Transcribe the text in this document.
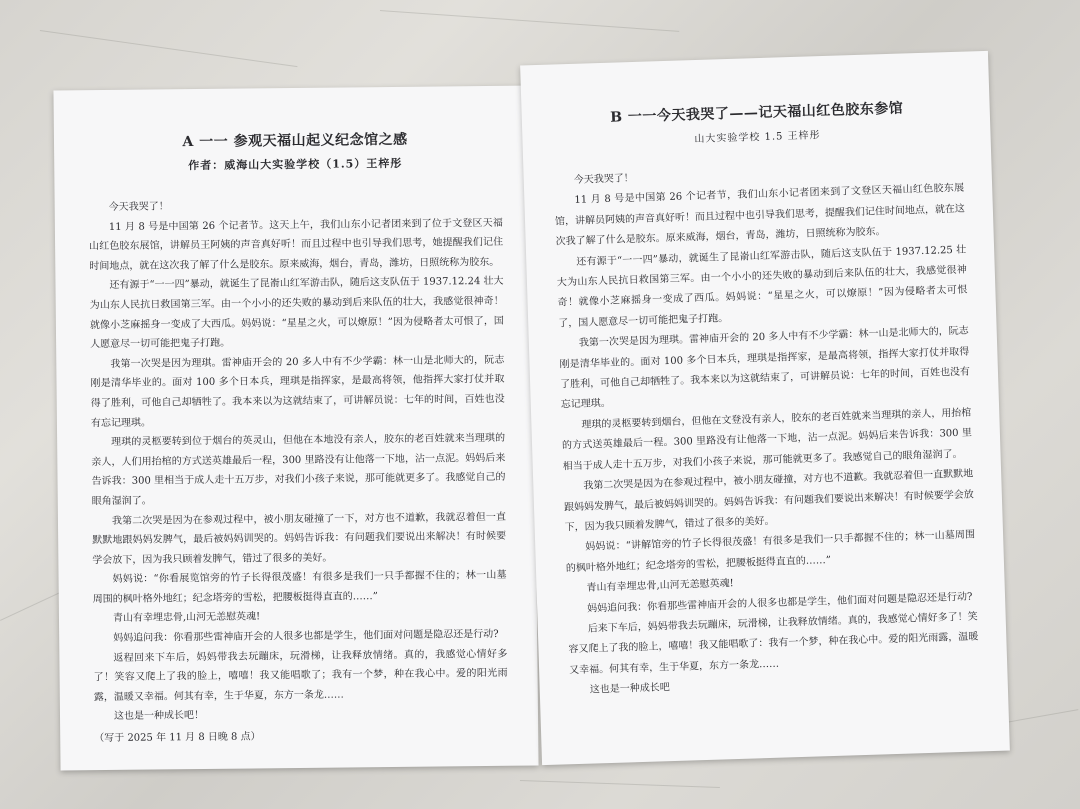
A 一一 参观天福山起义纪念馆之感
作者：威海山大实验学校（1.5）王梓彤

今天我哭了！

11 月 8 号是中国第 26 个记者节。这天上午，我们山东小记者团来到了位于文登区天福山红色胶东展馆，讲解员王阿姨的声音真好听！而且过程中也引导我们思考，她提醒我们记住时间地点，就在这次我了解了什么是胶东。原来威海，烟台，青岛，潍坊，日照统称为胶东。

还有源于“一一四”暴动，就诞生了昆嵛山红军游击队，随后这支队伍于 1937.12.24 壮大为山东人民抗日救国第三军。由一个小小的还失败的暴动到后来队伍的壮大，我感觉很神奇！就像小芝麻摇身一变成了大西瓜。妈妈说：“星星之火，可以燎原！”因为侵略者太可恨了，国人愿意尽一切可能把鬼子打跑。

我第一次哭是因为理琪。雷神庙开会的 20 多人中有不少学霸：林一山是北师大的，阮志刚是清华毕业的。面对 100 多个日本兵，理琪是指挥家，是最高将领，他指挥大家打仗并取得了胜利，可他自己却牺牲了。我本来以为这就结束了，可讲解员说：七年的时间，百姓也没有忘记理琪。

理琪的灵柩要转到位于烟台的英灵山，但他在本地没有亲人，胶东的老百姓就来当理琪的亲人，人们用抬棺的方式送英雄最后一程，300 里路没有让他落一下地，沾一点泥。妈妈后来告诉我：300 里相当于成人走十五万步，对我们小孩子来说，那可能就更多了。我感觉自己的眼角湿润了。

我第二次哭是因为在参观过程中，被小朋友碰撞了一下，对方也不道歉，我就忍着但一直默默地跟妈妈发脾气，最后被妈妈训哭的。妈妈告诉我：有问题我们要说出来解决！有时候要学会放下，因为我只顾着发脾气，错过了很多的美好。

妈妈说：“你看展览馆旁的竹子长得很茂盛！有很多是我们一只手都握不住的；林一山墓周围的枫叶格外地红；纪念塔旁的雪松，把腰板挺得直直的……”

青山有幸埋忠骨,山河无恙慰英魂!

妈妈追问我：你看那些雷神庙开会的人很多也都是学生，他们面对问题是隐忍还是行动?

返程回来下车后，妈妈带我去玩蹦床，玩滑梯，让我释放情绪。真的，我感觉心情好多了！笑容又爬上了我的脸上，嘻嘻！我又能唱歌了；我有一个梦，种在我心中。爱的阳光雨露，温暖又幸福。何其有幸，生于华夏，东方一条龙……

这也是一种成长吧！

（写于 2025 年 11 月 8 日晚 8 点）
B 一一今天我哭了——记天福山红色胶东参馆
山大实验学校 1.5 王梓彤

今天我哭了！

11 月 8 号是中国第 26 个记者节，我们山东小记者团来到了文登区天福山红色胶东展馆，讲解员阿姨的声音真好听！而且过程中也引导我们思考，提醒我们记住时间地点，就在这次我了解了什么是胶东。原来威海，烟台，青岛，潍坊，日照统称为胶东。

还有源于“一一四”暴动，就诞生了昆嵛山红军游击队，随后这支队伍于 1937.12.25 壮大为山东人民抗日救国第三军。由一个小小的还失败的暴动到后来队伍的壮大，我感觉很神奇！就像小芝麻摇身一变成了西瓜。妈妈说：“星星之火，可以燎原！”因为侵略者太可恨了，国人愿意尽一切可能把鬼子打跑。

我第一次哭是因为理琪。雷神庙开会的 20 多人中有不少学霸：林一山是北师大的，阮志刚是清华毕业的。面对 100 多个日本兵，理琪是指挥家，是最高将领，指挥大家打仗并取得了胜利，可他自己却牺牲了。我本来以为这就结束了，可讲解员说：七年的时间，百姓也没有忘记理琪。

理琪的灵柩要转到烟台，但他在文登没有亲人，胶东的老百姓就来当理琪的亲人，用抬棺的方式送英雄最后一程。300 里路没有让他落一下地，沾一点泥。妈妈后来告诉我：300 里相当于成人走十五万步，对我们小孩子来说，那可能就更多了。我感觉自己的眼角湿润了。

我第二次哭是因为在参观过程中，被小朋友碰撞，对方也不道歉。我就忍着但一直默默地跟妈妈发脾气，最后被妈妈训哭的。妈妈告诉我：有问题我们要说出来解决！有时候要学会放下，因为我只顾着发脾气，错过了很多的美好。

妈妈说：“讲解馆旁的竹子长得很茂盛！有很多是我们一只手都握不住的；林一山墓周围的枫叶格外地红；纪念塔旁的雪松，把腰板挺得直直的……”

青山有幸埋忠骨,山河无恙慰英魂!

妈妈追问我：你看那些雷神庙开会的人很多也都是学生，他们面对问题是隐忍还是行动?

后来下车后，妈妈带我去玩蹦床，玩滑梯，让我释放情绪。真的，我感觉心情好多了！笑容又爬上了我的脸上，嘻嘻！我又能唱歌了：我有一个梦，种在我心中。爱的阳光雨露，温暖又幸福。何其有幸，生于华夏，东方一条龙……

这也是一种成长吧
